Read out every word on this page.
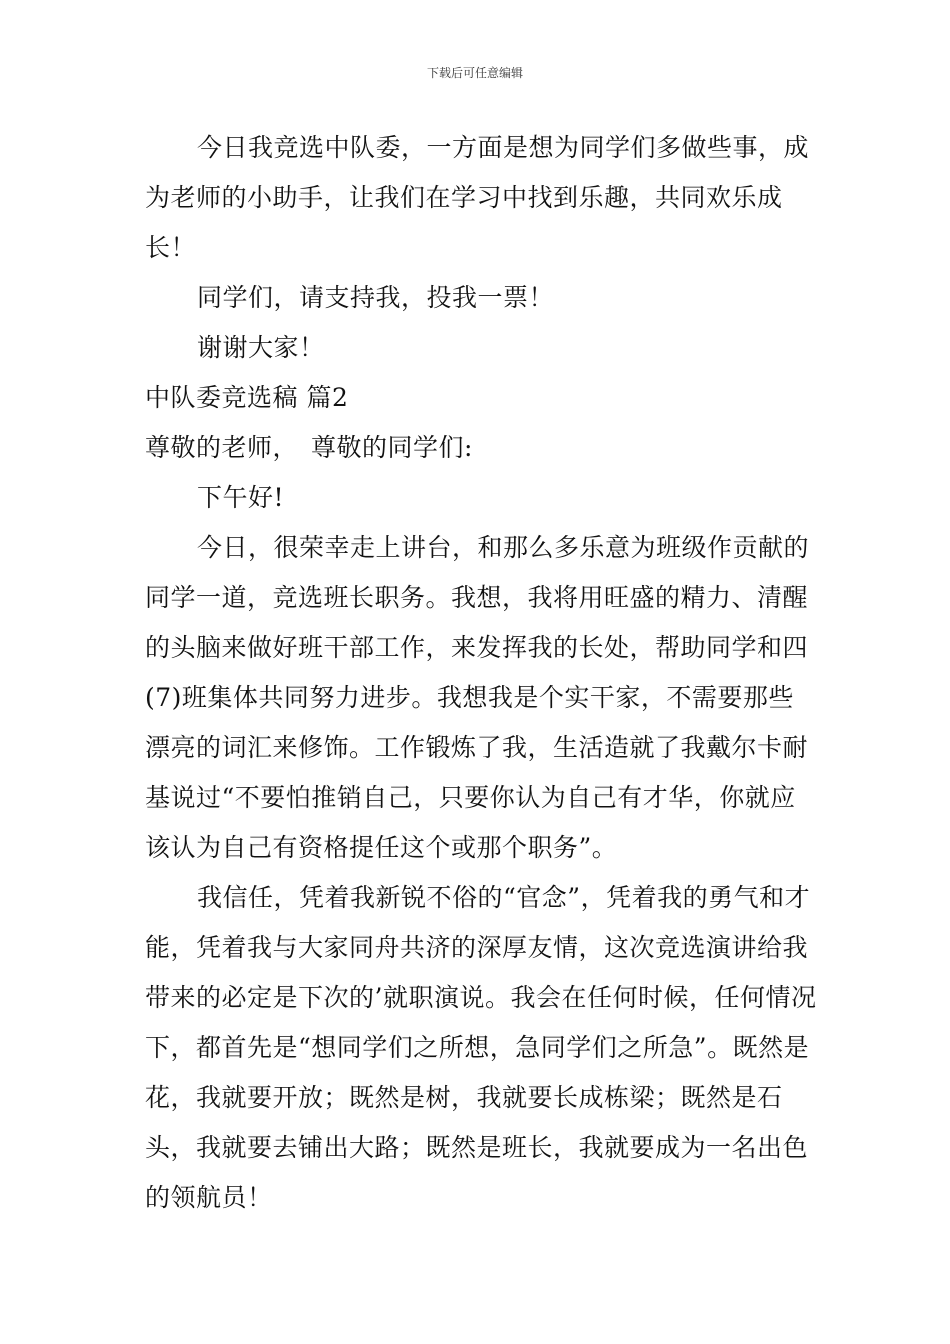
下载后可任意编辑

今日我竞选中队委，一方面是想为同学们多做些事，成为老师的小助手，让我们在学习中找到乐趣，共同欢乐成长！

同学们，请支持我，投我一票！

谢谢大家！

中队委竞选稿 篇2

尊敬的老师，　尊敬的同学们:

下午好!

今日，很荣幸走上讲台，和那么多乐意为班级作贡献的同学一道，竞选班长职务。我想，我将用旺盛的精力、清醒的头脑来做好班干部工作，来发挥我的长处，帮助同学和四(7)班集体共同努力进步。我想我是个实干家，不需要那些漂亮的词汇来修饰。工作锻炼了我，生活造就了我戴尔卡耐基说过“不要怕推销自己，只要你认为自己有才华，你就应该认为自己有资格提任这个或那个职务”。

我信任，凭着我新锐不俗的“官念”，凭着我的勇气和才能，凭着我与大家同舟共济的深厚友情，这次竞选演讲给我带来的必定是下次的’就职演说。我会在任何时候，任何情况下，都首先是“想同学们之所想，急同学们之所急”。既然是花，我就要开放；既然是树，我就要长成栋梁；既然是石头，我就要去铺出大路；既然是班长，我就要成为一名出色的领航员！
